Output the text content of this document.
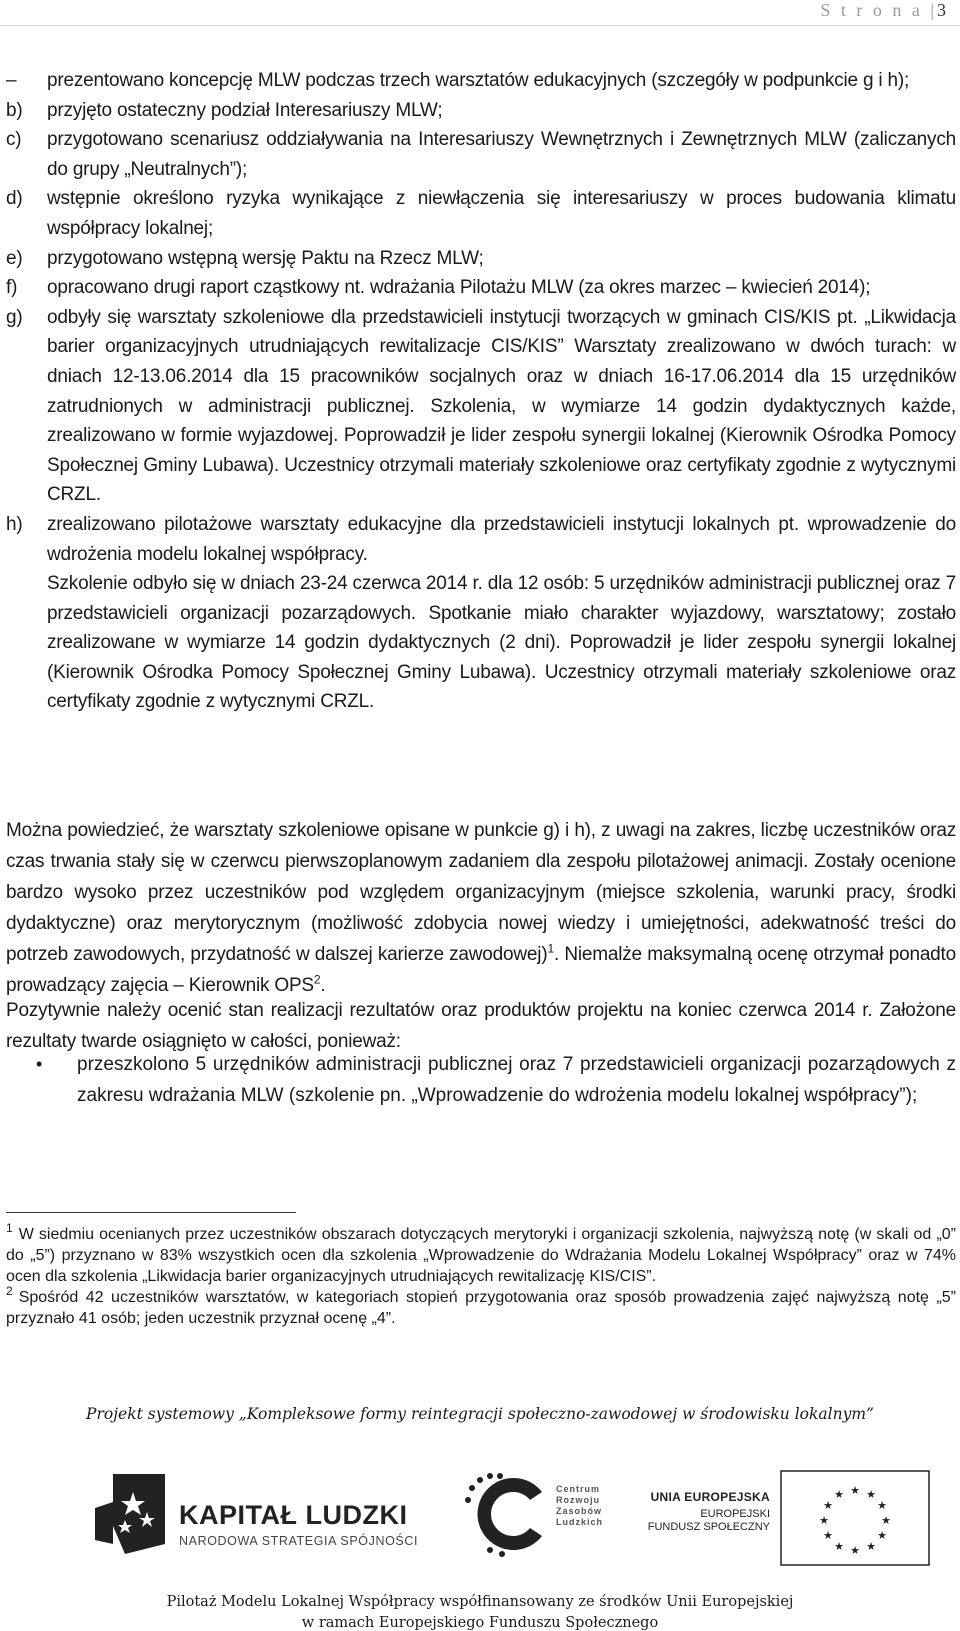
S t r o n a |3
– prezentowano koncepcję MLW podczas trzech warsztatów edukacyjnych (szczegóły w podpunkcie g i h);

b) przyjęto ostateczny podział Interesariuszy MLW;

c) przygotowano scenariusz oddziaływania na Interesariuszy Wewnętrznych i Zewnętrznych MLW (zaliczanych do grupy „Neutralnych”);

d) wstępnie określono ryzyka wynikające z niewłączenia się interesariuszy w proces budowania klimatu współpracy lokalnej;

e) przygotowano wstępną wersję Paktu na Rzecz MLW;

f) opracowano drugi raport cząstkowy nt. wdrażania Pilotażu MLW (za okres marzec – kwiecień 2014);

g) odbyły się warsztaty szkoleniowe dla przedstawicieli instytucji tworzących w gminach CIS/KIS pt. „Likwidacja barier organizacyjnych utrudniających rewitalizacje CIS/KIS” Warsztaty zrealizowano w dwóch turach: w dniach 12-13.06.2014 dla 15 pracowników socjalnych oraz w dniach 16-17.06.2014 dla 15 urzędników zatrudnionych w administracji publicznej. Szkolenia, w wymiarze 14 godzin dydaktycznych każde, zrealizowano w formie wyjazdowej. Poprowadził je lider zespołu synergii lokalnej (Kierownik Ośrodka Pomocy Społecznej Gminy Lubawa). Uczestnicy otrzymali materiały szkoleniowe oraz certyfikaty zgodnie z wytycznymi CRZL.

h) zrealizowano pilotażowe warsztaty edukacyjne dla przedstawicieli instytucji lokalnych pt. wprowadzenie do wdrożenia modelu lokalnej współpracy.

Szkolenie odbyło się w dniach 23-24 czerwca 2014 r. dla 12 osób: 5 urzędników administracji publicznej oraz 7 przedstawicieli organizacji pozarządowych. Spotkanie miało charakter wyjazdowy, warsztatowy; zostało zrealizowane w wymiarze 14 godzin dydaktycznych (2 dni). Poprowadził je lider zespołu synergii lokalnej (Kierownik Ośrodka Pomocy Społecznej Gminy Lubawa). Uczestnicy otrzymali materiały szkoleniowe oraz certyfikaty zgodnie z wytycznymi CRZL.

Można powiedzieć, że warsztaty szkoleniowe opisane w punkcie g) i h), z uwagi na zakres, liczbę uczestników oraz czas trwania stały się w czerwcu pierwszoplanowym zadaniem dla zespołu pilotażowej animacji. Zostały ocenione bardzo wysoko przez uczestników pod względem organizacyjnym (miejsce szkolenia, warunki pracy, środki dydaktyczne) oraz merytorycznym (możliwość zdobycia nowej wiedzy i umiejętności, adekwatność treści do potrzeb zawodowych, przydatność w dalszej karierze zawodowej)$^1$. Niemalże maksymalną ocenę otrzymał ponadto prowadzący zajęcia – Kierownik OPS$^2$.

Pozytywnie należy ocenić stan realizacji rezultatów oraz produktów projektu na koniec czerwca 2014 r. Założone rezultaty twarde osiągnięto w całości, ponieważ:

• przeszkolono 5 urzędników administracji publicznej oraz 7 przedstawicieli organizacji pozarządowych z zakresu wdrażania MLW (szkolenie pn. „Wprowadzenie do wdrożenia modelu lokalnej współpracy”);

$^1$ W siedmiu ocenianych przez uczestników obszarach dotyczących merytoryki i organizacji szkolenia, najwyższą notę (w skali od „0” do „5”) przyznano w 83% wszystkich ocen dla szkolenia „Wprowadzenie do Wdrażania Modelu Lokalnej Współpracy” oraz w 74% ocen dla szkolenia „Likwidacja barier organizacyjnych utrudniających rewitalizację KIS/CIS”.

$^2$ Spośród 42 uczestników warsztatów, w kategoriach stopień przygotowania oraz sposób prowadzenia zajęć najwyższą notę „5” przyznało 41 osób; jeden uczestnik przyznał ocenę „4”.

Projekt systemowy „Kompleksowe formy reintegracji społeczno-zawodowej w środowisku lokalnym”
KAPITAŁ LUDZKI
NARODOWA STRATEGIA SPÓJNOŚCI
Centrum
Rozwoju
Zasobów
Ludzkich
UNIA EUROPEJSKA
EUROPEJSKI
FUNDUSZ SPOŁECZNY
★ ★
★
★
★
★
★
★
★
★
★
★
Pilotaż Modelu Lokalnej Współpracy współfinansowany ze środków Unii Europejskiej
w ramach Europejskiego Funduszu Społecznego
